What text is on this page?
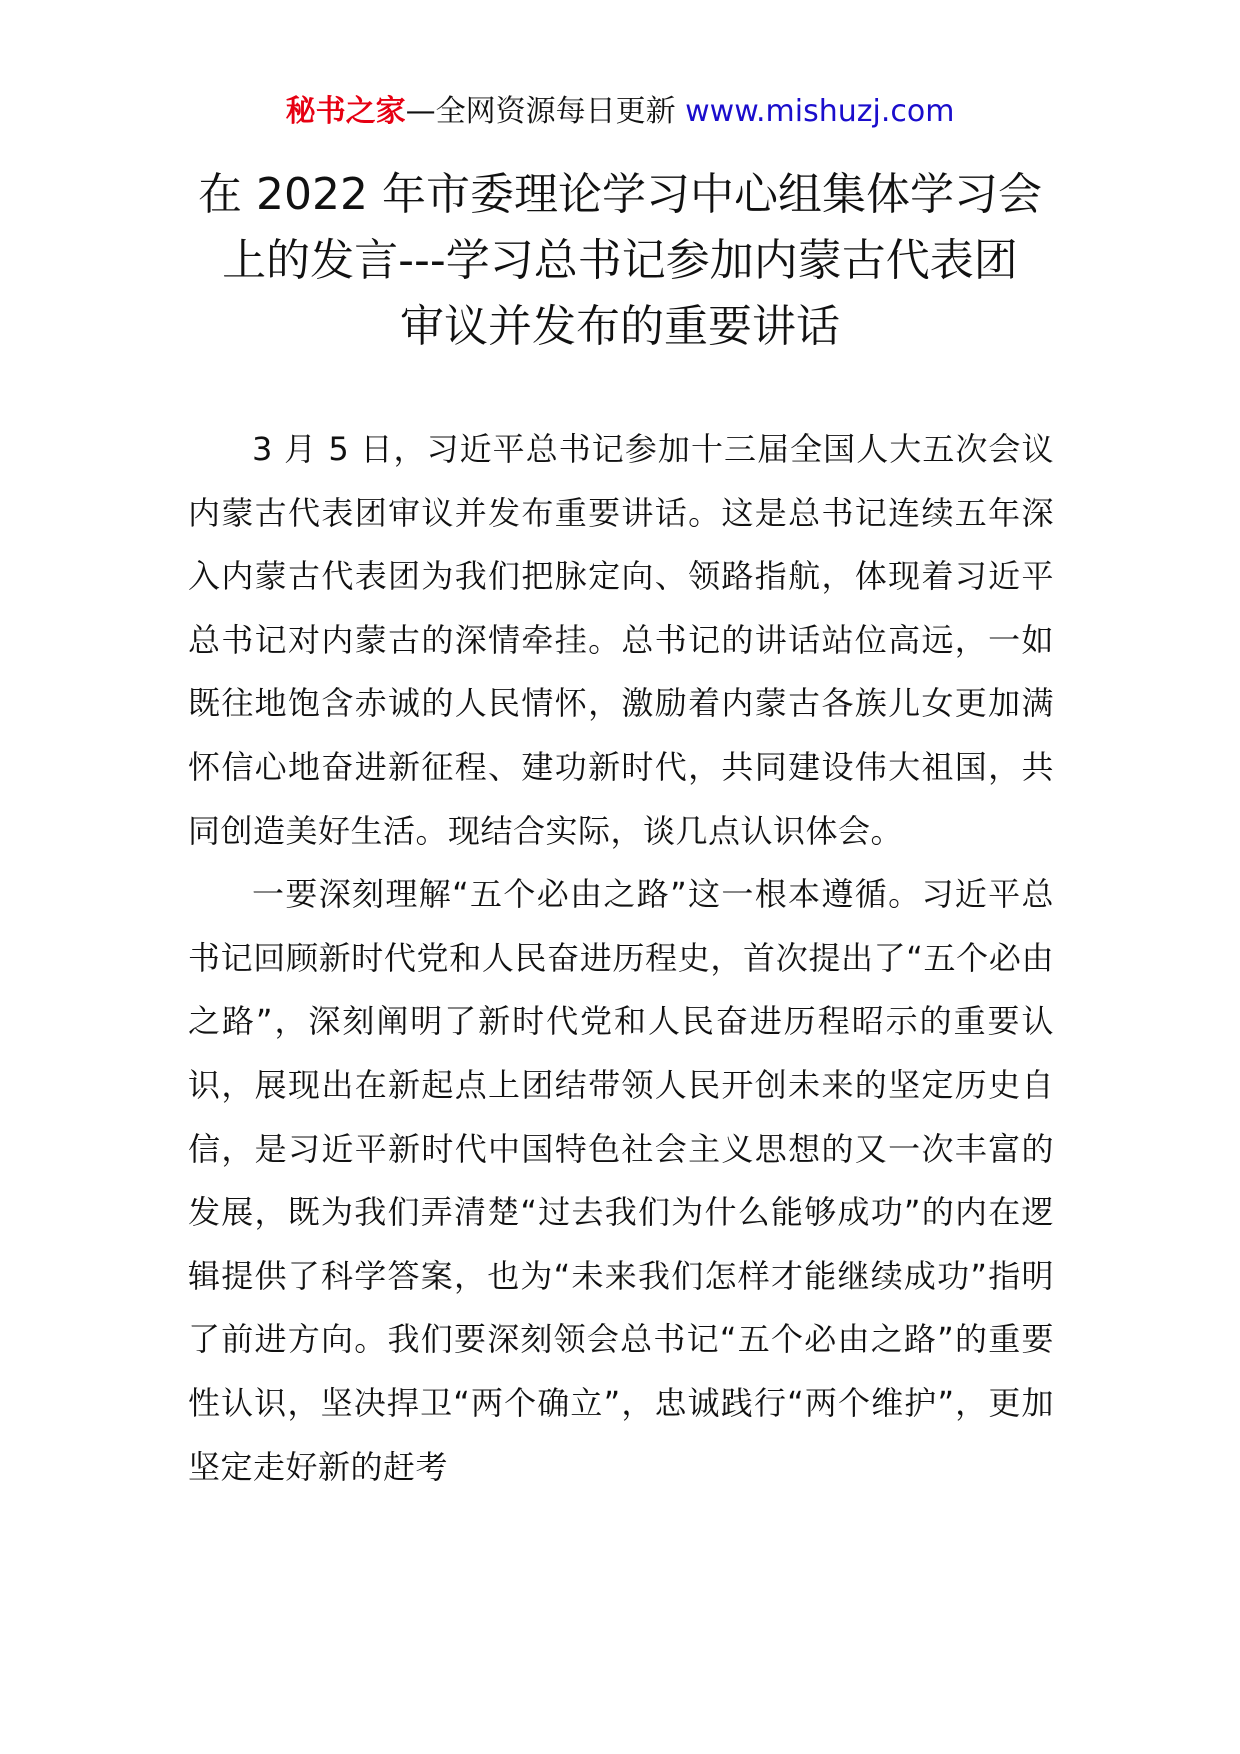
秘书之家—全网资源每日更新 www.mishuzj.com
在 2022 年市委理论学习中心组集体学习会
上的发言---学习总书记参加内蒙古代表团
审议并发布的重要讲话

3 月 5 日，习近平总书记参加十三届全国人大五次会议内蒙古代表团审议并发布重要讲话。这是总书记连续五年深入内蒙古代表团为我们把脉定向、领路指航，体现着习近平总书记对内蒙古的深情牵挂。总书记的讲话站位高远，一如既往地饱含赤诚的人民情怀，激励着内蒙古各族儿女更加满怀信心地奋进新征程、建功新时代，共同建设伟大祖国，共同创造美好生活。现结合实际，谈几点认识体会。

一要深刻理解“五个必由之路”这一根本遵循。习近平总书记回顾新时代党和人民奋进历程史，首次提出了“五个必由之路”，深刻阐明了新时代党和人民奋进历程昭示的重要认识，展现出在新起点上团结带领人民开创未来的坚定历史自信，是习近平新时代中国特色社会主义思想的又一次丰富的发展，既为我们弄清楚“过去我们为什么能够成功”的内在逻辑提供了科学答案，也为“未来我们怎样才能继续成功”指明了前进方向。我们要深刻领会总书记“五个必由之路”的重要性认识，坚决捍卫“两个确立”，忠诚践行“两个维护”，更加坚定走好新的赶考
